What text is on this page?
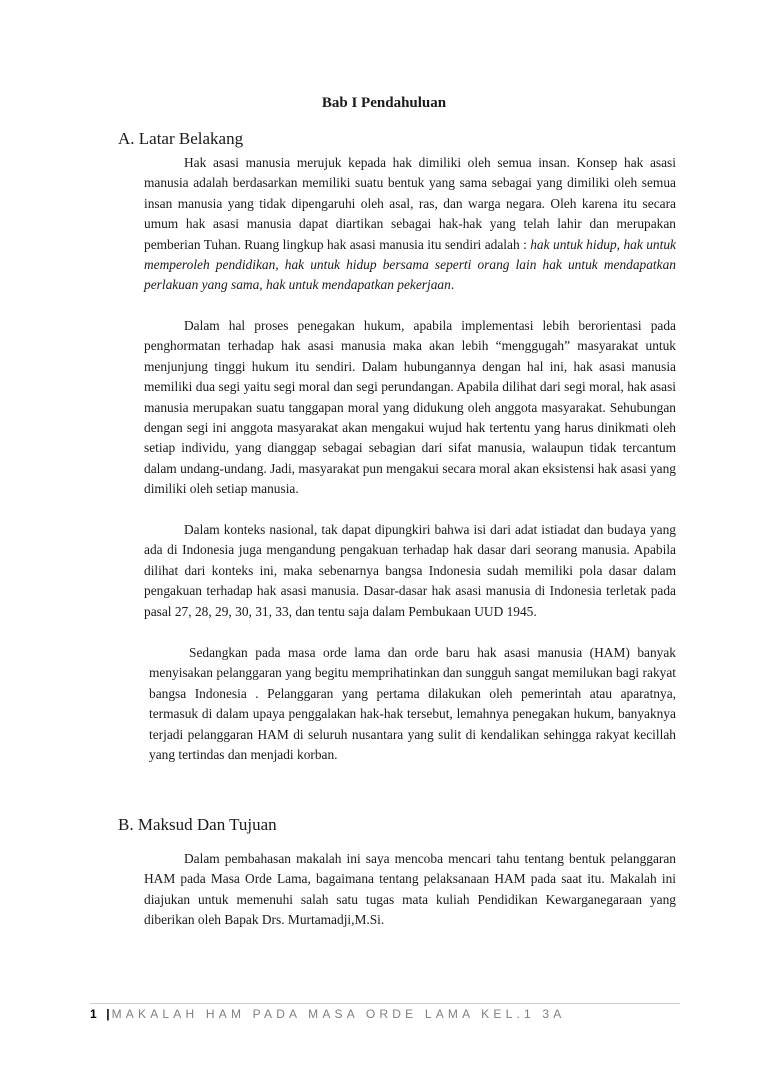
Bab I Pendahuluan
A. Latar Belakang

Hak asasi manusia merujuk kepada hak dimiliki oleh semua insan. Konsep hak asasi manusia adalah berdasarkan memiliki suatu bentuk yang sama sebagai yang dimiliki oleh semua insan manusia yang tidak dipengaruhi oleh asal, ras, dan warga negara. Oleh karena itu secara umum hak asasi manusia dapat diartikan sebagai hak-hak yang telah lahir dan merupakan pemberian Tuhan. Ruang lingkup hak asasi manusia itu sendiri adalah : hak untuk hidup, hak untuk memperoleh pendidikan, hak untuk hidup bersama seperti orang lain hak untuk mendapatkan perlakuan yang sama, hak untuk mendapatkan pekerjaan.

Dalam hal proses penegakan hukum, apabila implementasi lebih berorientasi pada penghormatan terhadap hak asasi manusia maka akan lebih “menggugah” masyarakat untuk menjunjung tinggi hukum itu sendiri. Dalam hubungannya dengan hal ini, hak asasi manusia memiliki dua segi yaitu segi moral dan segi perundangan. Apabila dilihat dari segi moral, hak asasi manusia merupakan suatu tanggapan moral yang didukung oleh anggota masyarakat. Sehubungan dengan segi ini anggota masyarakat akan mengakui wujud hak tertentu yang harus dinikmati oleh setiap individu, yang dianggap sebagai sebagian dari sifat manusia, walaupun tidak tercantum dalam undang-undang. Jadi, masyarakat pun mengakui secara moral akan eksistensi hak asasi yang dimiliki oleh setiap manusia.

Dalam konteks nasional, tak dapat dipungkiri bahwa isi dari adat istiadat dan budaya yang ada di Indonesia juga mengandung pengakuan terhadap hak dasar dari seorang manusia. Apabila dilihat dari konteks ini, maka sebenarnya bangsa Indonesia sudah memiliki pola dasar dalam pengakuan terhadap hak asasi manusia. Dasar-dasar hak asasi manusia di Indonesia terletak pada pasal 27, 28, 29, 30, 31, 33, dan tentu saja dalam Pembukaan UUD 1945.

Sedangkan pada masa orde lama dan orde baru hak asasi manusia (HAM) banyak menyisakan pelanggaran yang begitu memprihatinkan dan sungguh sangat memilukan bagi rakyat bangsa Indonesia . Pelanggaran yang pertama dilakukan oleh pemerintah atau aparatnya, termasuk di dalam upaya penggalakan hak-hak tersebut, lemahnya penegakan hukum, banyaknya terjadi pelanggaran HAM di seluruh nusantara yang sulit di kendalikan sehingga rakyat kecillah yang tertindas dan menjadi korban.

B. Maksud Dan Tujuan

Dalam pembahasan makalah ini saya mencoba mencari tahu tentang bentuk pelanggaran HAM pada Masa Orde Lama, bagaimana tentang pelaksanaan HAM pada saat itu. Makalah ini diajukan untuk memenuhi salah satu tugas mata kuliah Pendidikan Kewarganegaraan yang diberikan oleh Bapak Drs. Murtamadji,M.Si.

1 | MAKALAH HAM PADA MASA ORDE LAMA KEL.1 3A
